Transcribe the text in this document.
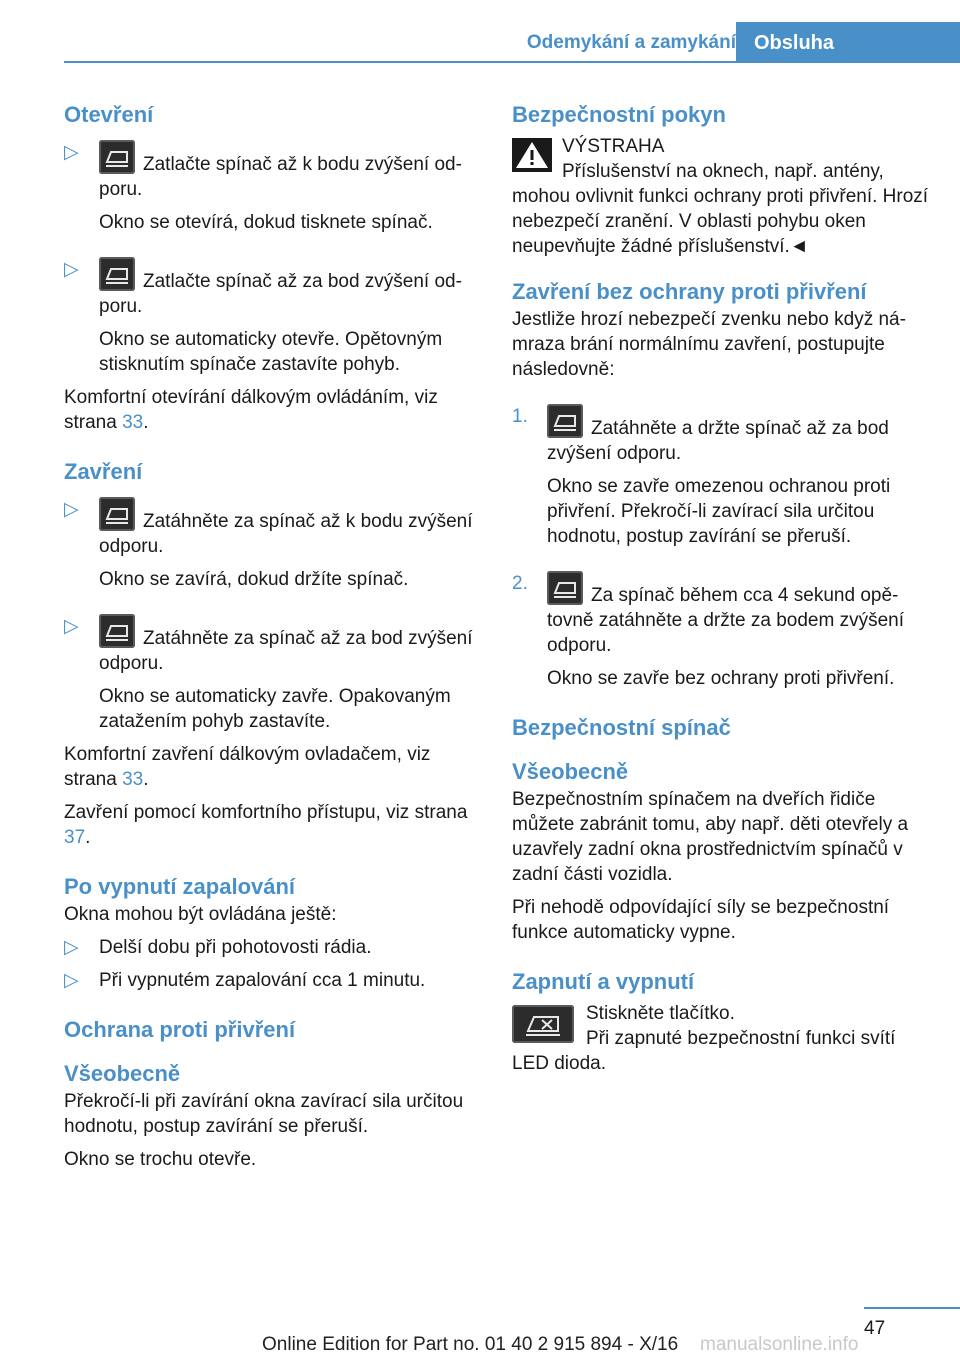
Odemykání a zamykání Obsluha
Otevření
▷
Zatlačte spínač až k bodu zvýšení odporu.
Okno se otevírá, dokud tisknete spínač.
▷
Zatlačte spínač až za bod zvýšení odporu.
Okno se automaticky otevře. Opětovným stisknutím spínače zastavíte pohyb.
Komfortní otevírání dálkovým ovládáním, viz strana 33.
Zavření
▷
Zatáhněte za spínač až k bodu zvýšení odporu.
Okno se zavírá, dokud držíte spínač.
▷
Zatáhněte za spínač až za bod zvýšení odporu.
Okno se automaticky zavře. Opakovaným zatažením pohyb zastavíte.
Komfortní zavření dálkovým ovladačem, viz strana 33.
Zavření pomocí komfortního přístupu, viz strana 37.
Po vypnutí zapalování
Okna mohou být ovládána ještě:
▷ Delší dobu při pohotovosti rádia.
▷ Při vypnutém zapalování cca 1 minutu.
Ochrana proti přivření
Všeobecně
Překročí-li při zavírání okna zavírací sila určitou hodnotu, postup zavírání se přeruší.
Okno se trochu otevře.
Bezpečnostní pokyn
VÝSTRAHA
Příslušenství na oknech, např. antény, mohou ovlivnit funkci ochrany proti přivření. Hrozí nebezpečí zranění. V oblasti pohybu oken neupevňujte žádné příslušenství.◄
Zavření bez ochrany proti přivření
Jestliže hrozí nebezpečí zvenku nebo když námraza brání normálnímu zavření, postupujte následovně:
1.
Zatáhněte a držte spínač až za bod zvýšení odporu.
Okno se zavře omezenou ochranou proti přivření. Překročí-li zavírací sila určitou hodnotu, postup zavírání se přeruší.
2.
Za spínač během cca 4 sekund opětovně zatáhněte a držte za bodem zvýšení odporu.
Okno se zavře bez ochrany proti přivření.
Bezpečnostní spínač
Všeobecně
Bezpečnostním spínačem na dveřích řidiče můžete zabránit tomu, aby např. děti otevřely a uzavřely zadní okna prostřednictvím spínačů v zadní části vozidla.
Při nehodě odpovídající síly se bezpečnostní funkce automaticky vypne.
Zapnutí a vypnutí
Stiskněte tlačítko.
Při zapnuté bezpečnostní funkci svítí LED dioda.
47
Online Edition for Part no. 01 40 2 915 894 - X/16 manualsonline.info
